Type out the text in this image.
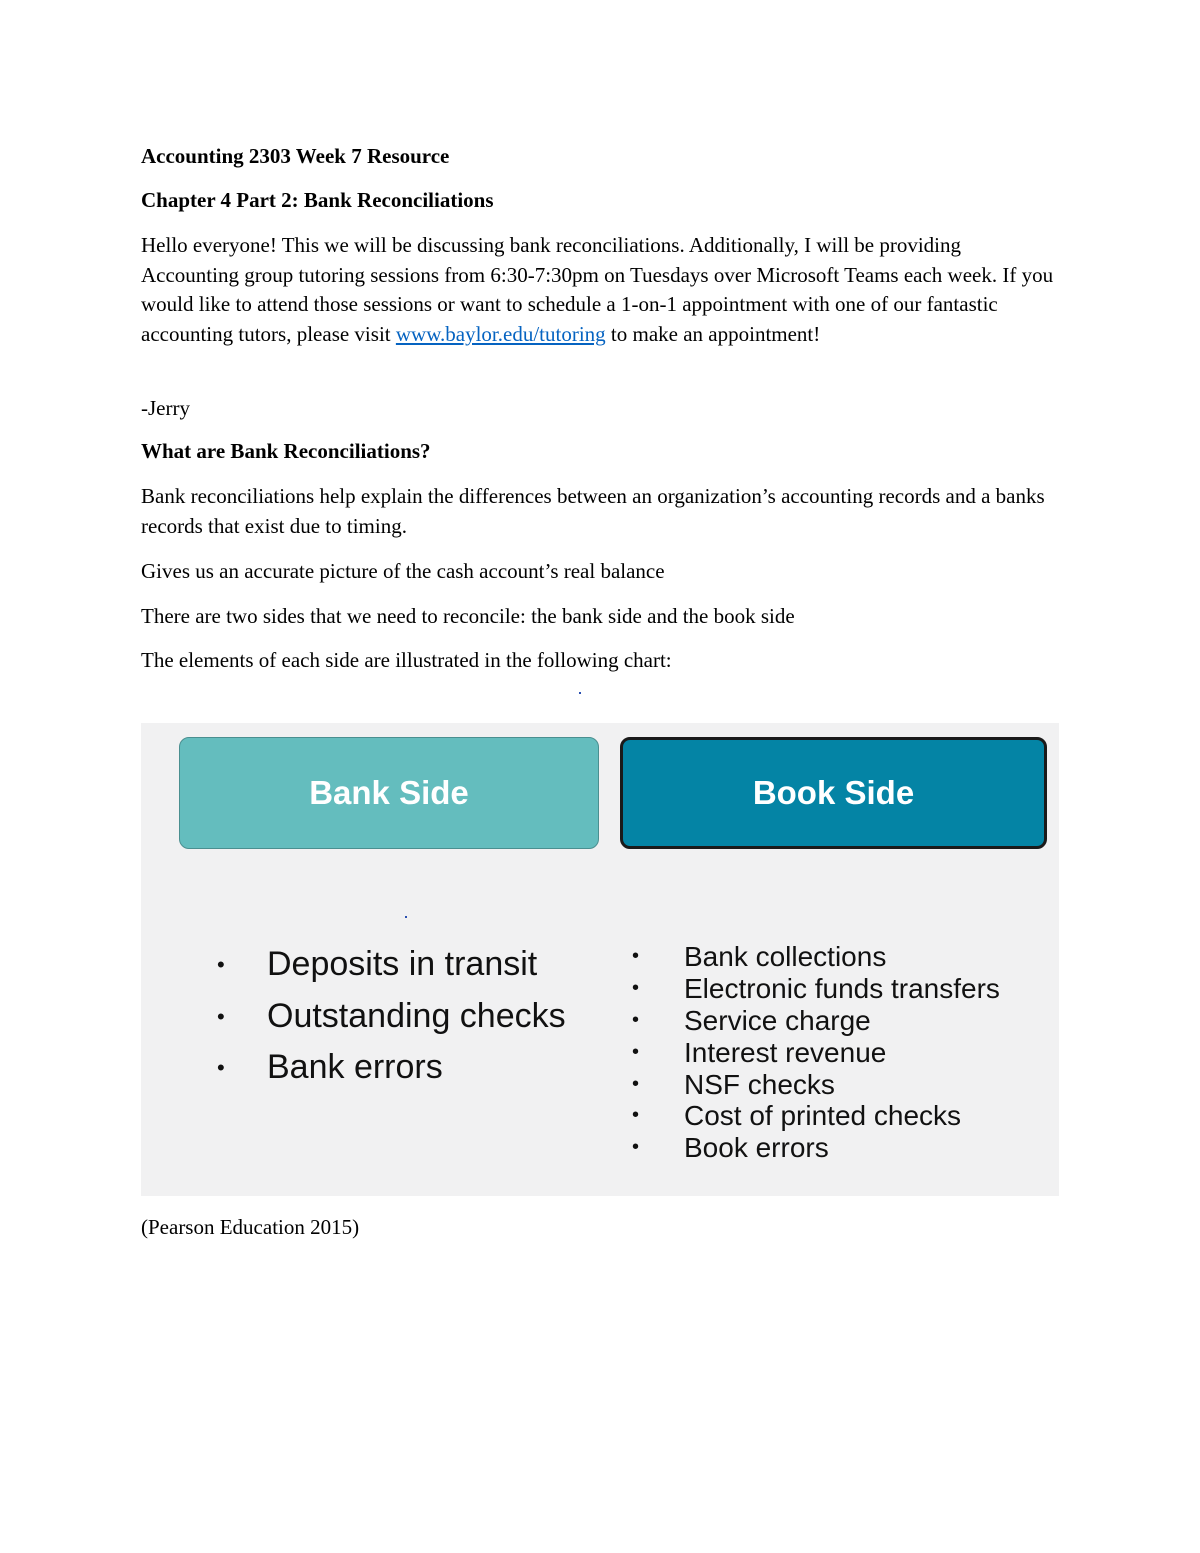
Accounting 2303 Week 7 Resource

Chapter 4 Part 2: Bank Reconciliations

Hello everyone! This we will be discussing bank reconciliations. Additionally, I will be providing Accounting group tutoring sessions from 6:30-7:30pm on Tuesdays over Microsoft Teams each week. If you would like to attend those sessions or want to schedule a 1-on-1 appointment with one of our fantastic accounting tutors, please visit www.baylor.edu/tutoring to make an appointment!

-Jerry

What are Bank Reconciliations?

Bank reconciliations help explain the differences between an organization’s accounting records and a banks records that exist due to timing.

Gives us an accurate picture of the cash account’s real balance

There are two sides that we need to reconcile: the bank side and the book side

The elements of each side are illustrated in the following chart:

Bank Side	Book Side
• Deposits in transit
• Outstanding checks
• Bank errors
• Bank collections
• Electronic funds transfers
• Service charge
• Interest revenue
• NSF checks
• Cost of printed checks
• Book errors

(Pearson Education 2015)
